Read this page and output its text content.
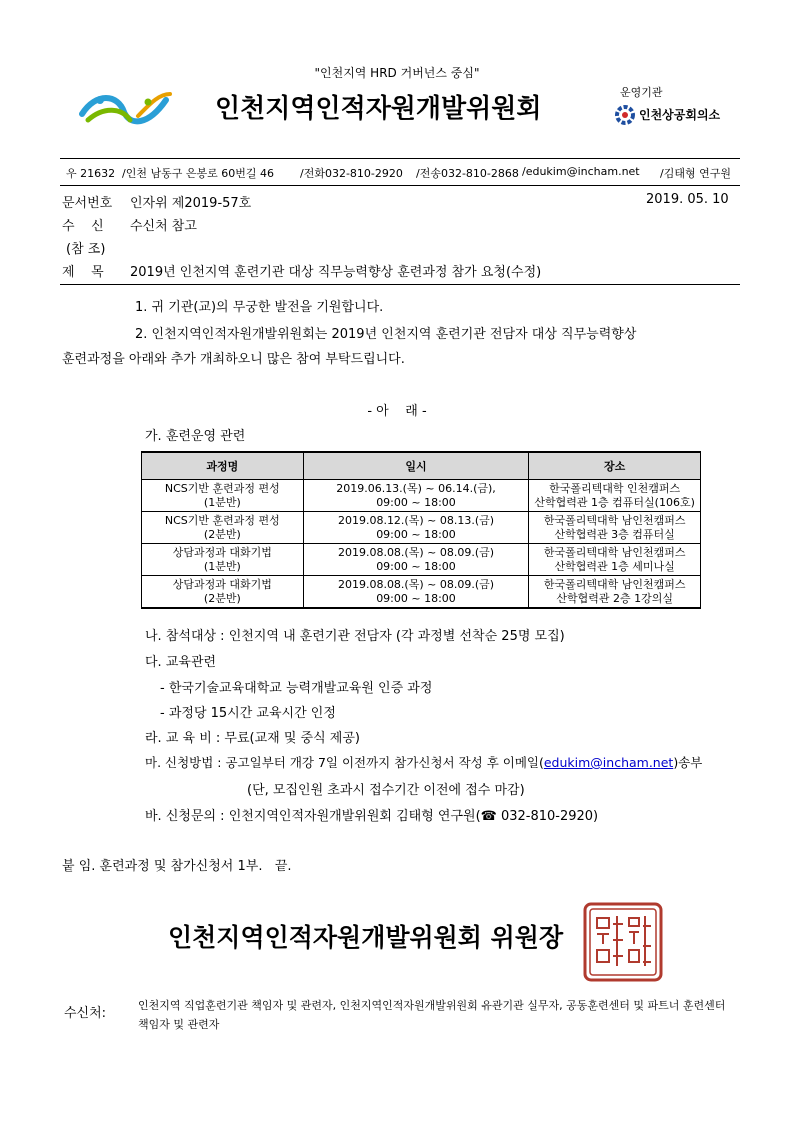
"인천지역 HRD 거버넌스 중심"
인천지역인적자원개발위원회
운영기관
인천상공회의소
우 21632 /인천 남동구 은봉로 60번길 46 /전화032-810-2920 /전송032-810-2868 /edukim@incham.net /김태형 연구원
문서번호 인자위 제2019-57호	2019. 05. 10
수    신 수신처 참고
(참 조)
제    목 2019년 인천지역 훈련기관 대상 직무능력향상 훈련과정 참가 요청(수정)
1. 귀 기관(교)의 무궁한 발전을 기원합니다.
2. 인천지역인적자원개발위원회는 2019년 인천지역 훈련기관 전담자 대상 직무능력향상
훈련과정을 아래와 추가 개최하오니 많은 참여 부탁드립니다.
- 아    래 -
가. 훈련운영 관련
과정명	일시	장소
NCS기반 훈련과정 편성
(1분반)	2019.06.13.(목) ~ 06.14.(금),
09:00 ~ 18:00	한국폴리텍대학 인천캠퍼스
산학협력관 1층 컴퓨터실(106호)
NCS기반 훈련과정 편성
(2분반)	2019.08.12.(목) ~ 08.13.(금)
09:00 ~ 18:00	한국폴리텍대학 남인천캠퍼스
산학협력관 3층 컴퓨터실
상담과정과 대화기법
(1분반)	2019.08.08.(목) ~ 08.09.(금)
09:00 ~ 18:00	한국폴리텍대학 남인천캠퍼스
산학협력관 1층 세미나실
상담과정과 대화기법
(2분반)	2019.08.08.(목) ~ 08.09.(금)
09:00 ~ 18:00	한국폴리텍대학 남인천캠퍼스
산학협력관 2층 1강의실
나. 참석대상 : 인천지역 내 훈련기관 전담자 (각 과정별 선착순 25명 모집)
다. 교육관련
- 한국기술교육대학교 능력개발교육원 인증 과정
- 과정당 15시간 교육시간 인정
라. 교 육 비 : 무료(교재 및 중식 제공)
마. 신청방법 : 공고일부터 개강 7일 이전까지 참가신청서 작성 후 이메일(edukim@incham.net)송부
(단, 모집인원 초과시 접수기간 이전에 접수 마감)
바. 신청문의 : 인천지역인적자원개발위원회 김태형 연구원(☎ 032-810-2920)
붙 임. 훈련과정 및 참가신청서 1부.   끝.
인천지역인적자원개발위원회 위원장
수신처:
인천지역 직업훈련기관 책임자 및 관련자, 인천지역인적자원개발위원회 유관기관 실무자, 공동훈련센터 및 파트너 훈련센터 책임자 및 관련자
